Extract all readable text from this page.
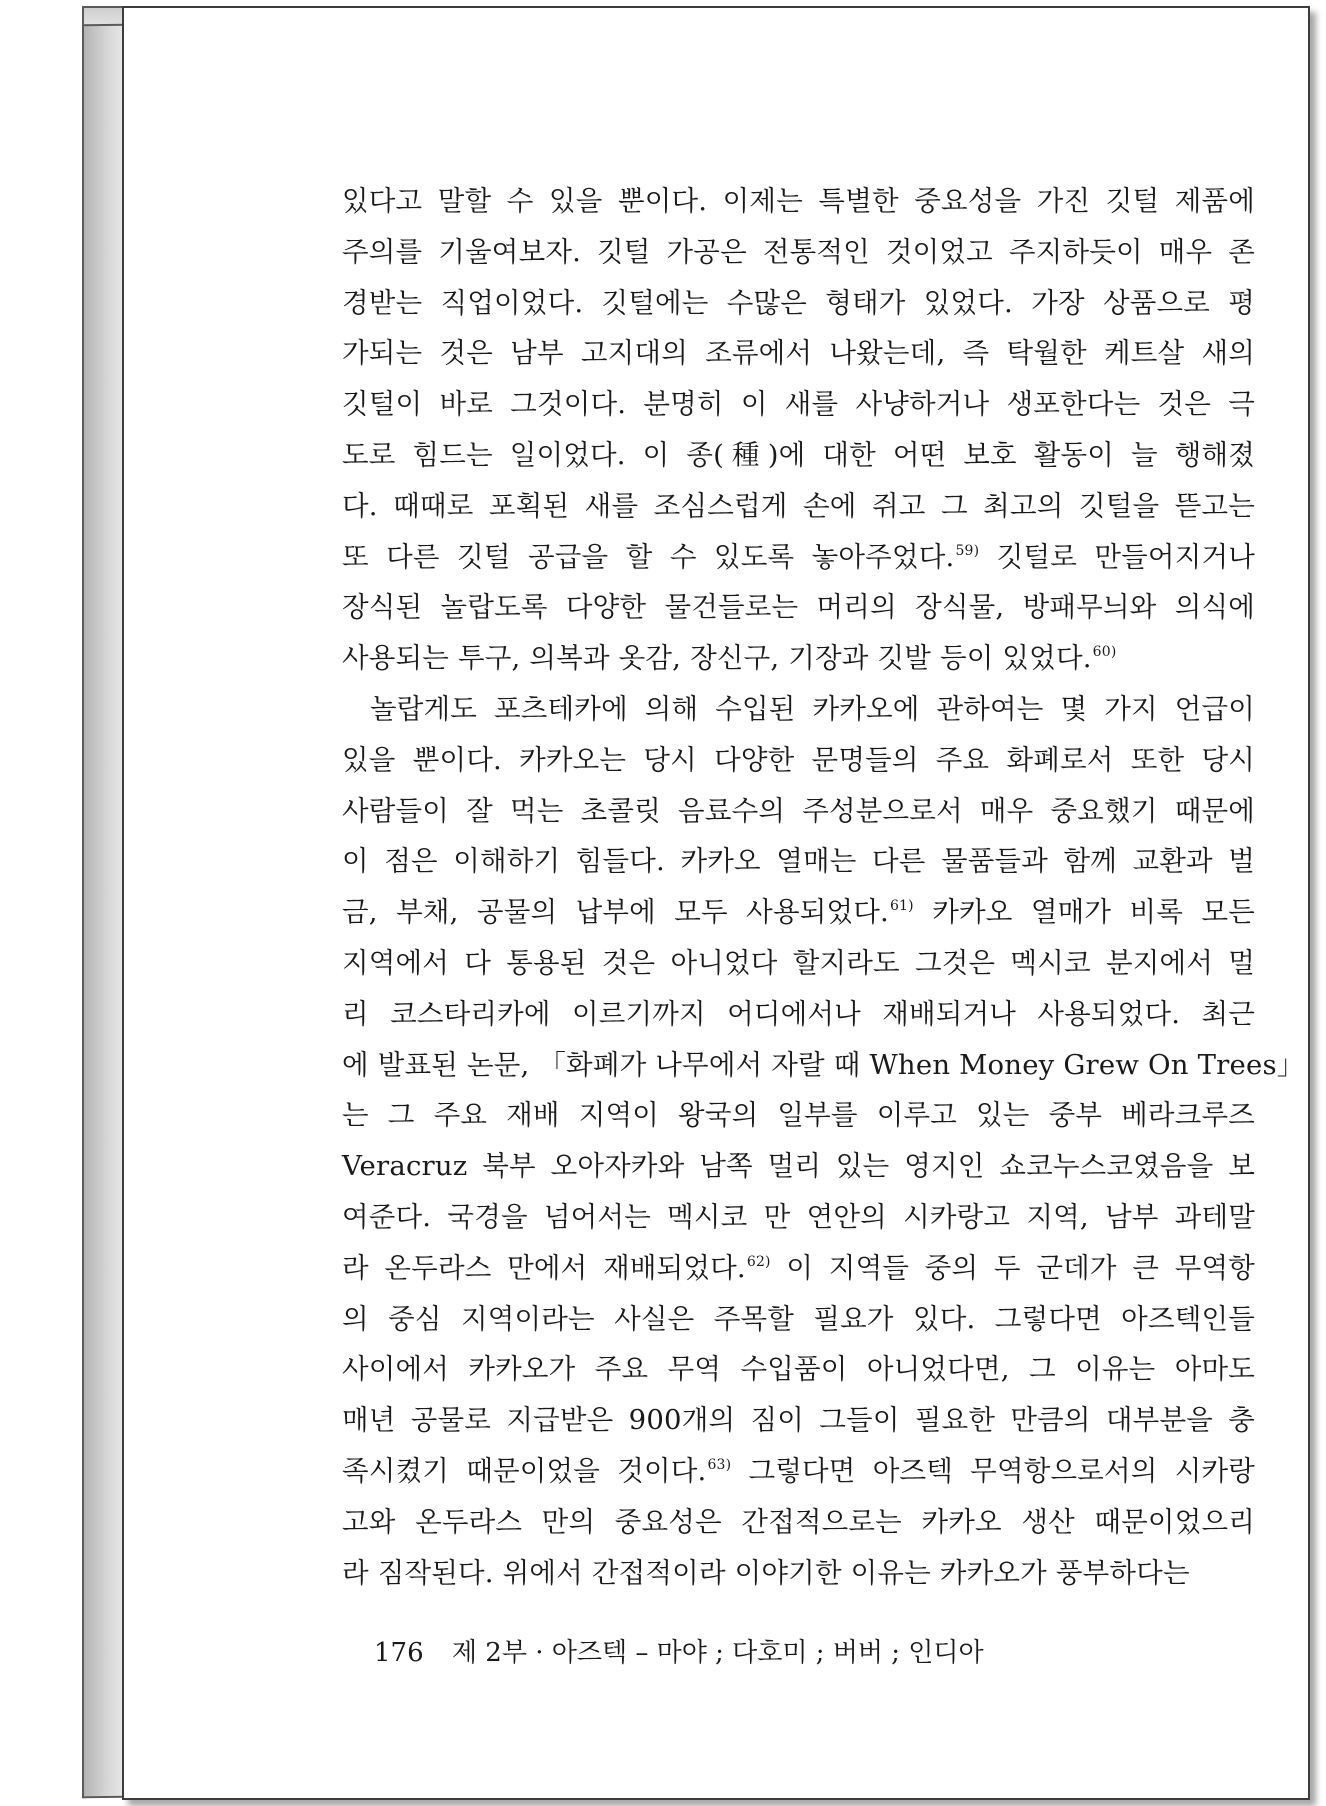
있다고 말할 수 있을 뿐이다. 이제는 특별한 중요성을 가진 깃털 제품에
주의를 기울여보자. 깃털 가공은 전통적인 것이었고 주지하듯이 매우 존
경받는 직업이었다. 깃털에는 수많은 형태가 있었다. 가장 상품으로 평
가되는 것은 남부 고지대의 조류에서 나왔는데, 즉 탁월한 케트살 새의
깃털이 바로 그것이다. 분명히 이 새를 사냥하거나 생포한다는 것은 극
도로 힘드는 일이었다. 이 종(種)에 대한 어떤 보호 활동이 늘 행해졌
다. 때때로 포획된 새를 조심스럽게 손에 쥐고 그 최고의 깃털을 뜯고는
또 다른 깃털 공급을 할 수 있도록 놓아주었다.$^{59)}$ 깃털로 만들어지거나
장식된 놀랍도록 다양한 물건들로는 머리의 장식물, 방패무늬와 의식에
사용되는 투구, 의복과 옷감, 장신구, 기장과 깃발 등이 있었다.$^{60)}$
놀랍게도 포츠테카에 의해 수입된 카카오에 관하여는 몇 가지 언급이
있을 뿐이다. 카카오는 당시 다양한 문명들의 주요 화폐로서 또한 당시
사람들이 잘 먹는 초콜릿 음료수의 주성분으로서 매우 중요했기 때문에
이 점은 이해하기 힘들다. 카카오 열매는 다른 물품들과 함께 교환과 벌
금, 부채, 공물의 납부에 모두 사용되었다.$^{61)}$ 카카오 열매가 비록 모든
지역에서 다 통용된 것은 아니었다 할지라도 그것은 멕시코 분지에서 멀
리 코스타리카에 이르기까지 어디에서나 재배되거나 사용되었다. 최근
에 발표된 논문, 「화폐가 나무에서 자랄 때 When Money Grew On Trees」
는 그 주요 재배 지역이 왕국의 일부를 이루고 있는 중부 베라크루즈
Veracruz 북부 오아자카와 남쪽 멀리 있는 영지인 쇼코누스코였음을 보
여준다. 국경을 넘어서는 멕시코 만 연안의 시카랑고 지역, 남부 과테말
라 온두라스 만에서 재배되었다.$^{62)}$ 이 지역들 중의 두 군데가 큰 무역항
의 중심 지역이라는 사실은 주목할 필요가 있다. 그렇다면 아즈텍인들
사이에서 카카오가 주요 무역 수입품이 아니었다면, 그 이유는 아마도
매년 공물로 지급받은 900개의 짐이 그들이 필요한 만큼의 대부분을 충
족시켰기 때문이었을 것이다.$^{63)}$ 그렇다면 아즈텍 무역항으로서의 시카랑
고와 온두라스 만의 중요성은 간접적으로는 카카오 생산 때문이었으리
라 짐작된다. 위에서 간접적이라 이야기한 이유는 카카오가 풍부하다는
176 제 2부 · 아즈텍 – 마야 ; 다호미 ; 버버 ; 인디아
